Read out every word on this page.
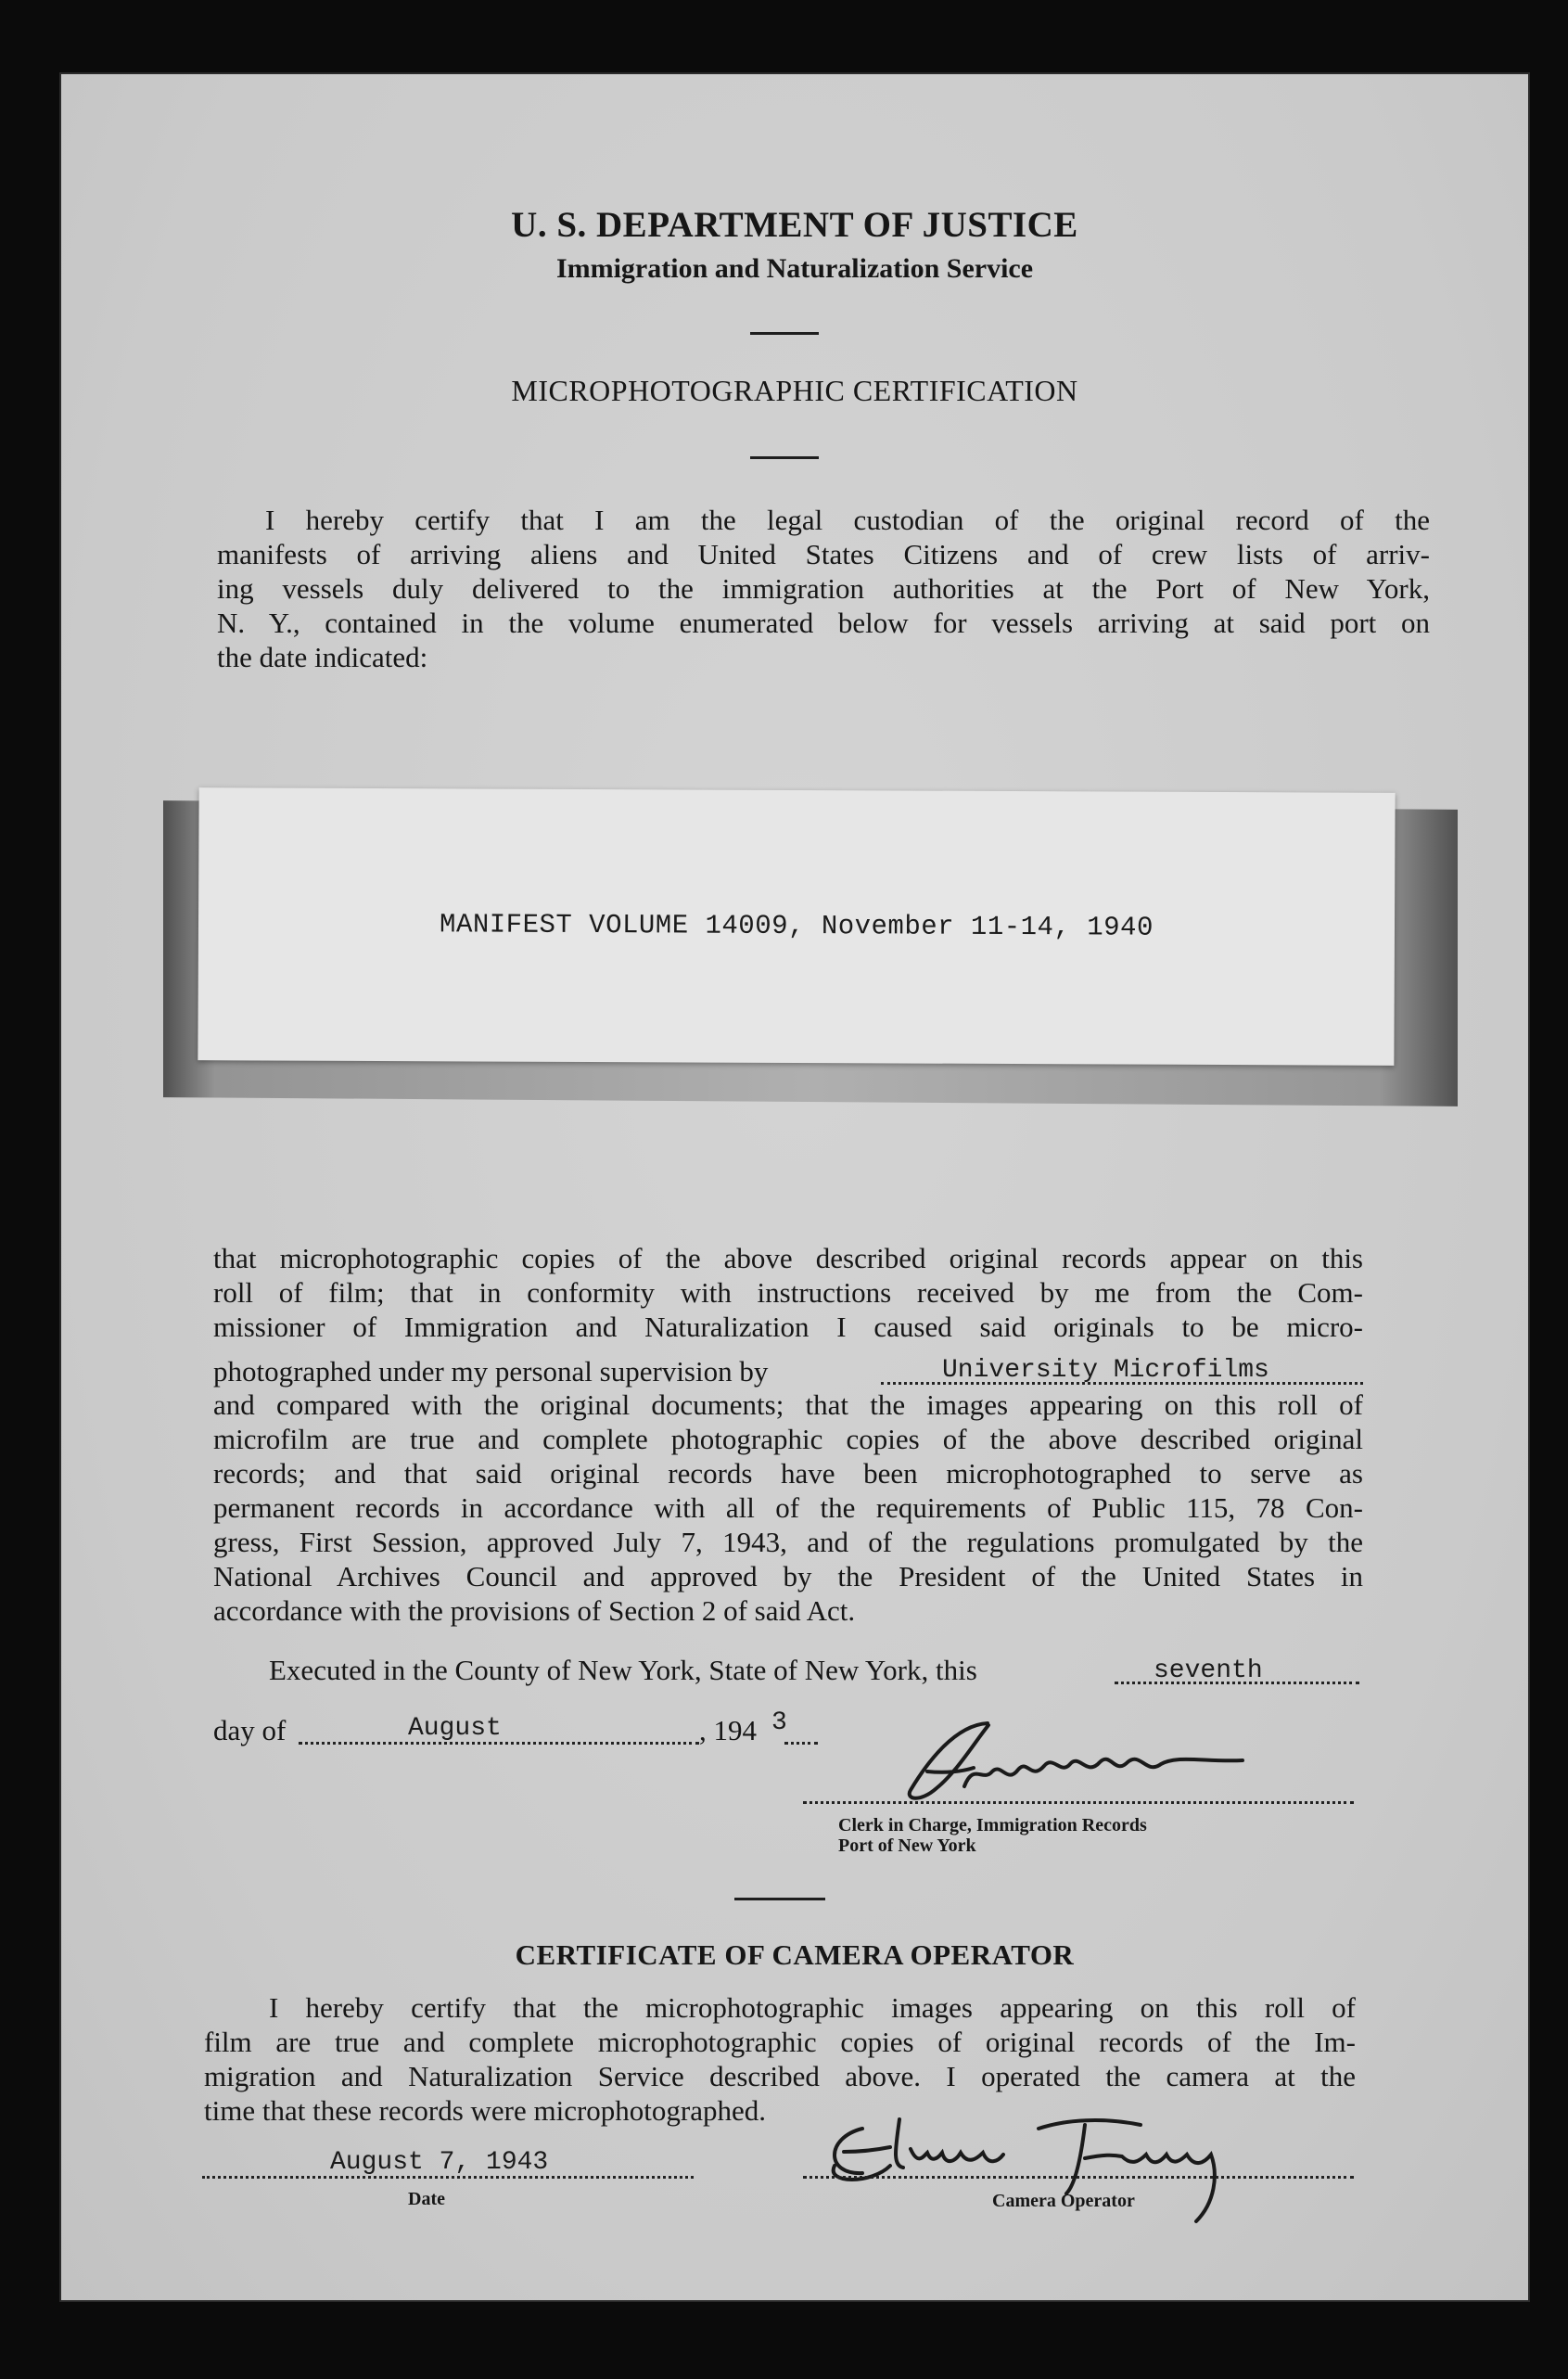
U. S. DEPARTMENT OF JUSTICE
Immigration and Naturalization Service
MICROPHOTOGRAPHIC CERTIFICATION
I hereby certify that I am the legal custodian of the original record of the
manifests of arriving aliens and United States Citizens and of crew lists of arriv-
ing vessels duly delivered to the immigration authorities at the Port of New York,
N. Y., contained in the volume enumerated below for vessels arriving at said port on
the date indicated:
MANIFEST VOLUME 14009, November 11-14, 1940
that microphotographic copies of the above described original records appear on this
roll of film; that in conformity with instructions received by me from the Com-
missioner of Immigration and Naturalization I caused said originals to be micro-
photographed under my personal supervision by	University Microfilms
and compared with the original documents; that the images appearing on this roll of
microfilm are true and complete photographic copies of the above described original
records; and that said original records have been microphotographed to serve as
permanent records in accordance with all of the requirements of Public 115, 78 Con-
gress, First Session, approved July 7, 1943, and of the regulations promulgated by the
National Archives Council and approved by the President of the United States in
accordance with the provisions of Section 2 of said Act.
Executed in the County of New York, State of New York, this	seventh
day of	August	, 194 3
Clerk in Charge, Immigration Records
Port of New York
CERTIFICATE OF CAMERA OPERATOR
I hereby certify that the microphotographic images appearing on this roll of
film are true and complete microphotographic copies of original records of the Im-
migration and Naturalization Service described above. I operated the camera at the
time that these records were microphotographed.
August 7, 1943
Date	Camera Operator
